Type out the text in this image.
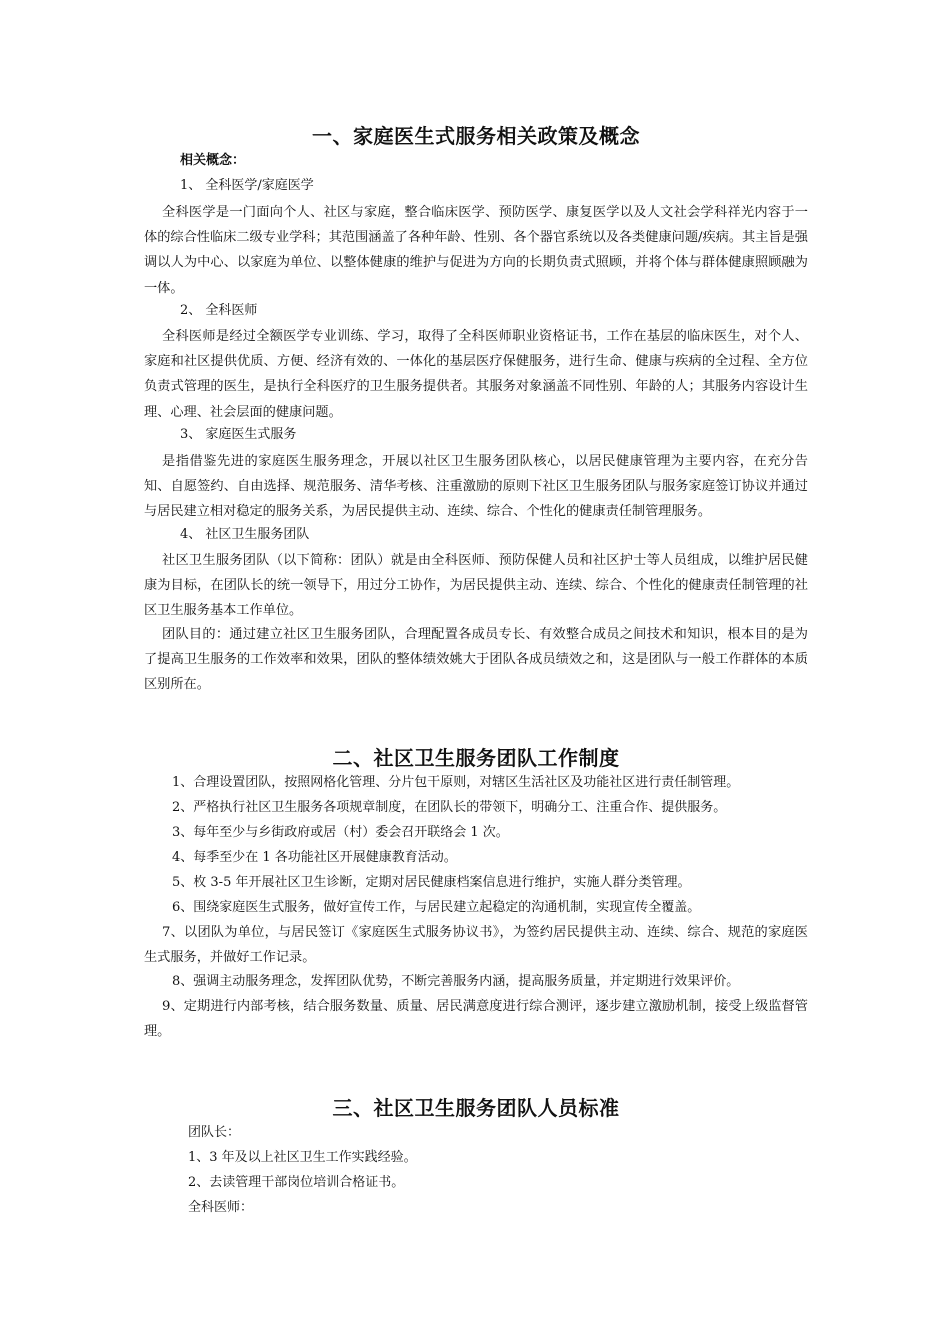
一、家庭医生式服务相关政策及概念
相关概念：
1、 全科医学/家庭医学
全科医学是一门面向个人、社区与家庭，整合临床医学、预防医学、康复医学以及人文社会学科祥光内容于一体的综合性临床二级专业学科；其范围涵盖了各种年龄、性别、各个器官系统以及各类健康问题/疾病。其主旨是强调以人为中心、以家庭为单位、以整体健康的维护与促进为方向的长期负责式照顾，并将个体与群体健康照顾融为一体。
2、 全科医师
全科医师是经过全额医学专业训练、学习，取得了全科医师职业资格证书，工作在基层的临床医生，对个人、家庭和社区提供优质、方便、经济有效的、一体化的基层医疗保健服务，进行生命、健康与疾病的全过程、全方位负责式管理的医生，是执行全科医疗的卫生服务提供者。其服务对象涵盖不同性别、年龄的人；其服务内容设计生理、心理、社会层面的健康问题。
3、 家庭医生式服务
是指借鉴先进的家庭医生服务理念，开展以社区卫生服务团队核心，以居民健康管理为主要内容，在充分告知、自愿签约、自由选择、规范服务、清华考核、注重激励的原则下社区卫生服务团队与服务家庭签订协议并通过与居民建立相对稳定的服务关系，为居民提供主动、连续、综合、个性化的健康责任制管理服务。
4、 社区卫生服务团队
社区卫生服务团队（以下简称：团队）就是由全科医师、预防保健人员和社区护士等人员组成，以维护居民健康为目标，在团队长的统一领导下，用过分工协作，为居民提供主动、连续、综合、个性化的健康责任制管理的社区卫生服务基本工作单位。
团队目的：通过建立社区卫生服务团队，合理配置各成员专长、有效整合成员之间技术和知识，根本目的是为了提高卫生服务的工作效率和效果，团队的整体绩效姚大于团队各成员绩效之和，这是团队与一般工作群体的本质区别所在。
二、社区卫生服务团队工作制度
1、合理设置团队，按照网格化管理、分片包干原则，对辖区生活社区及功能社区进行责任制管理。
2、严格执行社区卫生服务各项规章制度，在团队长的带领下，明确分工、注重合作、提供服务。
3、每年至少与乡街政府或居（村）委会召开联络会 1 次。
4、每季至少在 1 各功能社区开展健康教育活动。
5、枚 3-5 年开展社区卫生诊断，定期对居民健康档案信息进行维护，实施人群分类管理。
6、围绕家庭医生式服务，做好宣传工作，与居民建立起稳定的沟通机制，实现宣传全覆盖。
7、以团队为单位，与居民签订《家庭医生式服务协议书》，为签约居民提供主动、连续、综合、规范的家庭医生式服务，并做好工作记录。
8、强调主动服务理念，发挥团队优势，不断完善服务内涵，提高服务质量，并定期进行效果评价。
9、定期进行内部考核，结合服务数量、质量、居民满意度进行综合测评，逐步建立激励机制，接受上级监督管理。
三、社区卫生服务团队人员标准
团队长：
1、3 年及以上社区卫生工作实践经验。
2、去读管理干部岗位培训合格证书。
全科医师：
